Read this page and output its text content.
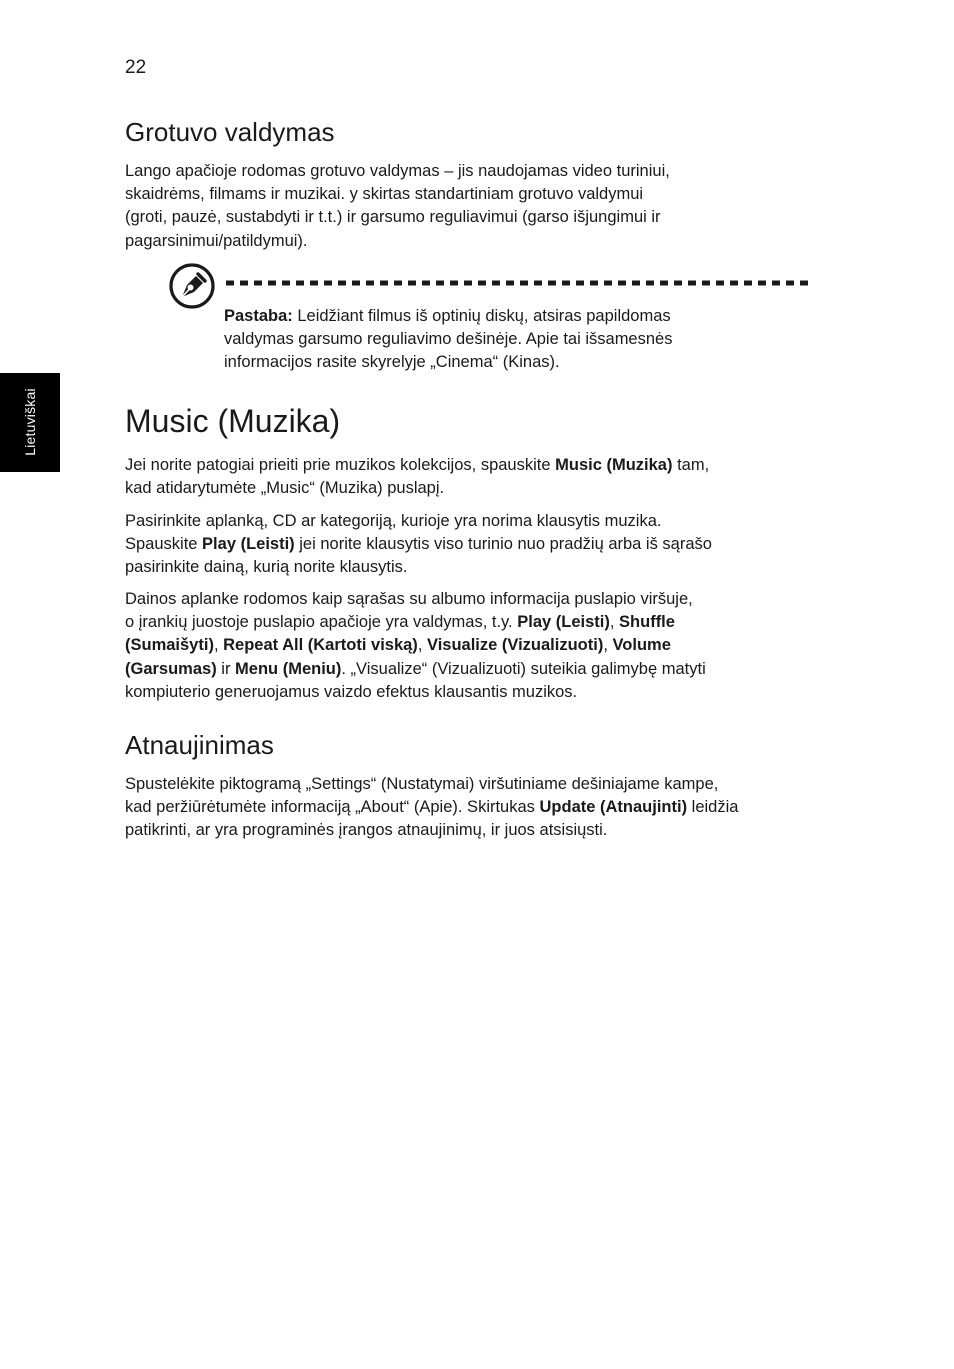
22
Lietuviškai
Grotuvo valdymas

Lango apačioje rodomas grotuvo valdymas – jis naudojamas video turiniui,
skaidrėms, filmams ir muzikai. y skirtas standartiniam grotuvo valdymui
(groti, pauzė, sustabdyti ir t.t.) ir garsumo reguliavimui (garso išjungimui ir
pagarsinimui/patildymui).

Music (Muzika)

Jei norite patogiai prieiti prie muzikos kolekcijos, spauskite Music (Muzika) tam,
kad atidarytumėte „Music“ (Muzika) puslapį.

Pasirinkite aplanką, CD ar kategoriją, kurioje yra norima klausytis muzika.
Spauskite Play (Leisti) jei norite klausytis viso turinio nuo pradžių arba iš sąrašo
pasirinkite dainą, kurią norite klausytis.

Dainos aplanke rodomos kaip sąrašas su albumo informacija puslapio viršuje,
o įrankių juostoje puslapio apačioje yra valdymas, t.y. Play (Leisti), Shuffle
(Sumaišyti), Repeat All (Kartoti viską), Visualize (Vizualizuoti), Volume
(Garsumas) ir Menu (Meniu). „Visualize“ (Vizualizuoti) suteikia galimybę matyti
kompiuterio generuojamus vaizdo efektus klausantis muzikos.

Atnaujinimas

Spustelėkite piktogramą „Settings“ (Nustatymai) viršutiniame dešiniajame kampe,
kad peržiūrėtumėte informaciją „About“ (Apie). Skirtukas Update (Atnaujinti) leidžia
patikrinti, ar yra programinės įrangos atnaujinimų, ir juos atsisiųsti.

Pastaba: Leidžiant filmus iš optinių diskų, atsiras papildomas
valdymas garsumo reguliavimo dešinėje. Apie tai išsamesnės
informacijos rasite skyrelyje „Cinema“ (Kinas).
